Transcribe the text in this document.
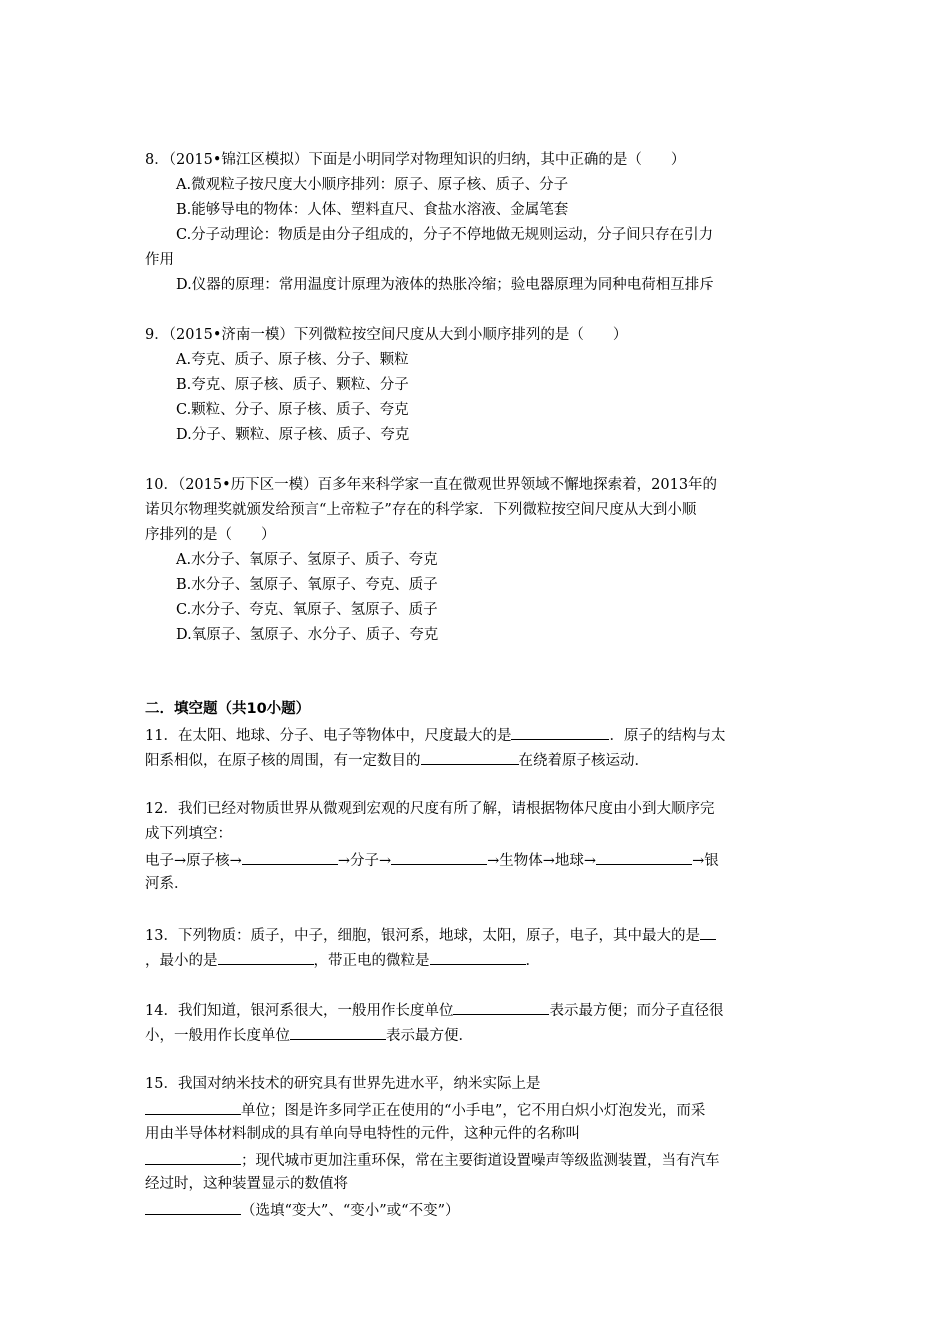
8．（2015•锦江区模拟）下面是小明同学对物理知识的归纳，其中正确的是（　　）
A.微观粒子按尺度大小顺序排列：原子、原子核、质子、分子
B.能够导电的物体：人体、塑料直尺、食盐水溶液、金属笔套
C.分子动理论：物质是由分子组成的，分子不停地做无规则运动，分子间只存在引力
作用
D.仪器的原理：常用温度计原理为液体的热胀冷缩；验电器原理为同种电荷相互排斥
9．（2015•济南一模）下列微粒按空间尺度从大到小顺序排列的是（　　）
A.夸克、质子、原子核、分子、颗粒
B.夸克、原子核、质子、颗粒、分子
C.颗粒、分子、原子核、质子、夸克
D.分子、颗粒、原子核、质子、夸克
10．（2015•历下区一模）百多年来科学家一直在微观世界领域不懈地探索着，2013年的
诺贝尔物理奖就颁发给预言“上帝粒子”存在的科学家．下列微粒按空间尺度从大到小顺
序排列的是（　　）
A.水分子、氧原子、氢原子、质子、夸克
B.水分子、氢原子、氧原子、夸克、质子
C.水分子、夸克、氧原子、氢原子、质子
D.氧原子、氢原子、水分子、质子、夸克
二．填空题（共10小题）
11．在太阳、地球、分子、电子等物体中，尺度最大的是	．原子的结构与太
阳系相似，在原子核的周围，有一定数目的	在绕着原子核运动．
12．我们已经对物质世界从微观到宏观的尺度有所了解，请根据物体尺度由小到大顺序完
成下列填空：
电子→原子核→	→分子→	→生物体→地球→	→银
河系．
13．下列物质：质子，中子，细胞，银河系，地球，太阳，原子，电子，其中最大的是
，最小的是	，带正电的微粒是	．
14．我们知道，银河系很大，一般用作长度单位	表示最方便；而分子直径很
小，一般用作长度单位	表示最方便．
15．我国对纳米技术的研究具有世界先进水平，纳米实际上是
单位；图是许多同学正在使用的“小手电”，它不用白炽小灯泡发光，而采
用由半导体材料制成的具有单向导电特性的元件，这种元件的名称叫
；现代城市更加注重环保，常在主要街道设置噪声等级监测装置，当有汽车
经过时，这种装置显示的数值将
（选填“变大”、“变小”或“不变”）
